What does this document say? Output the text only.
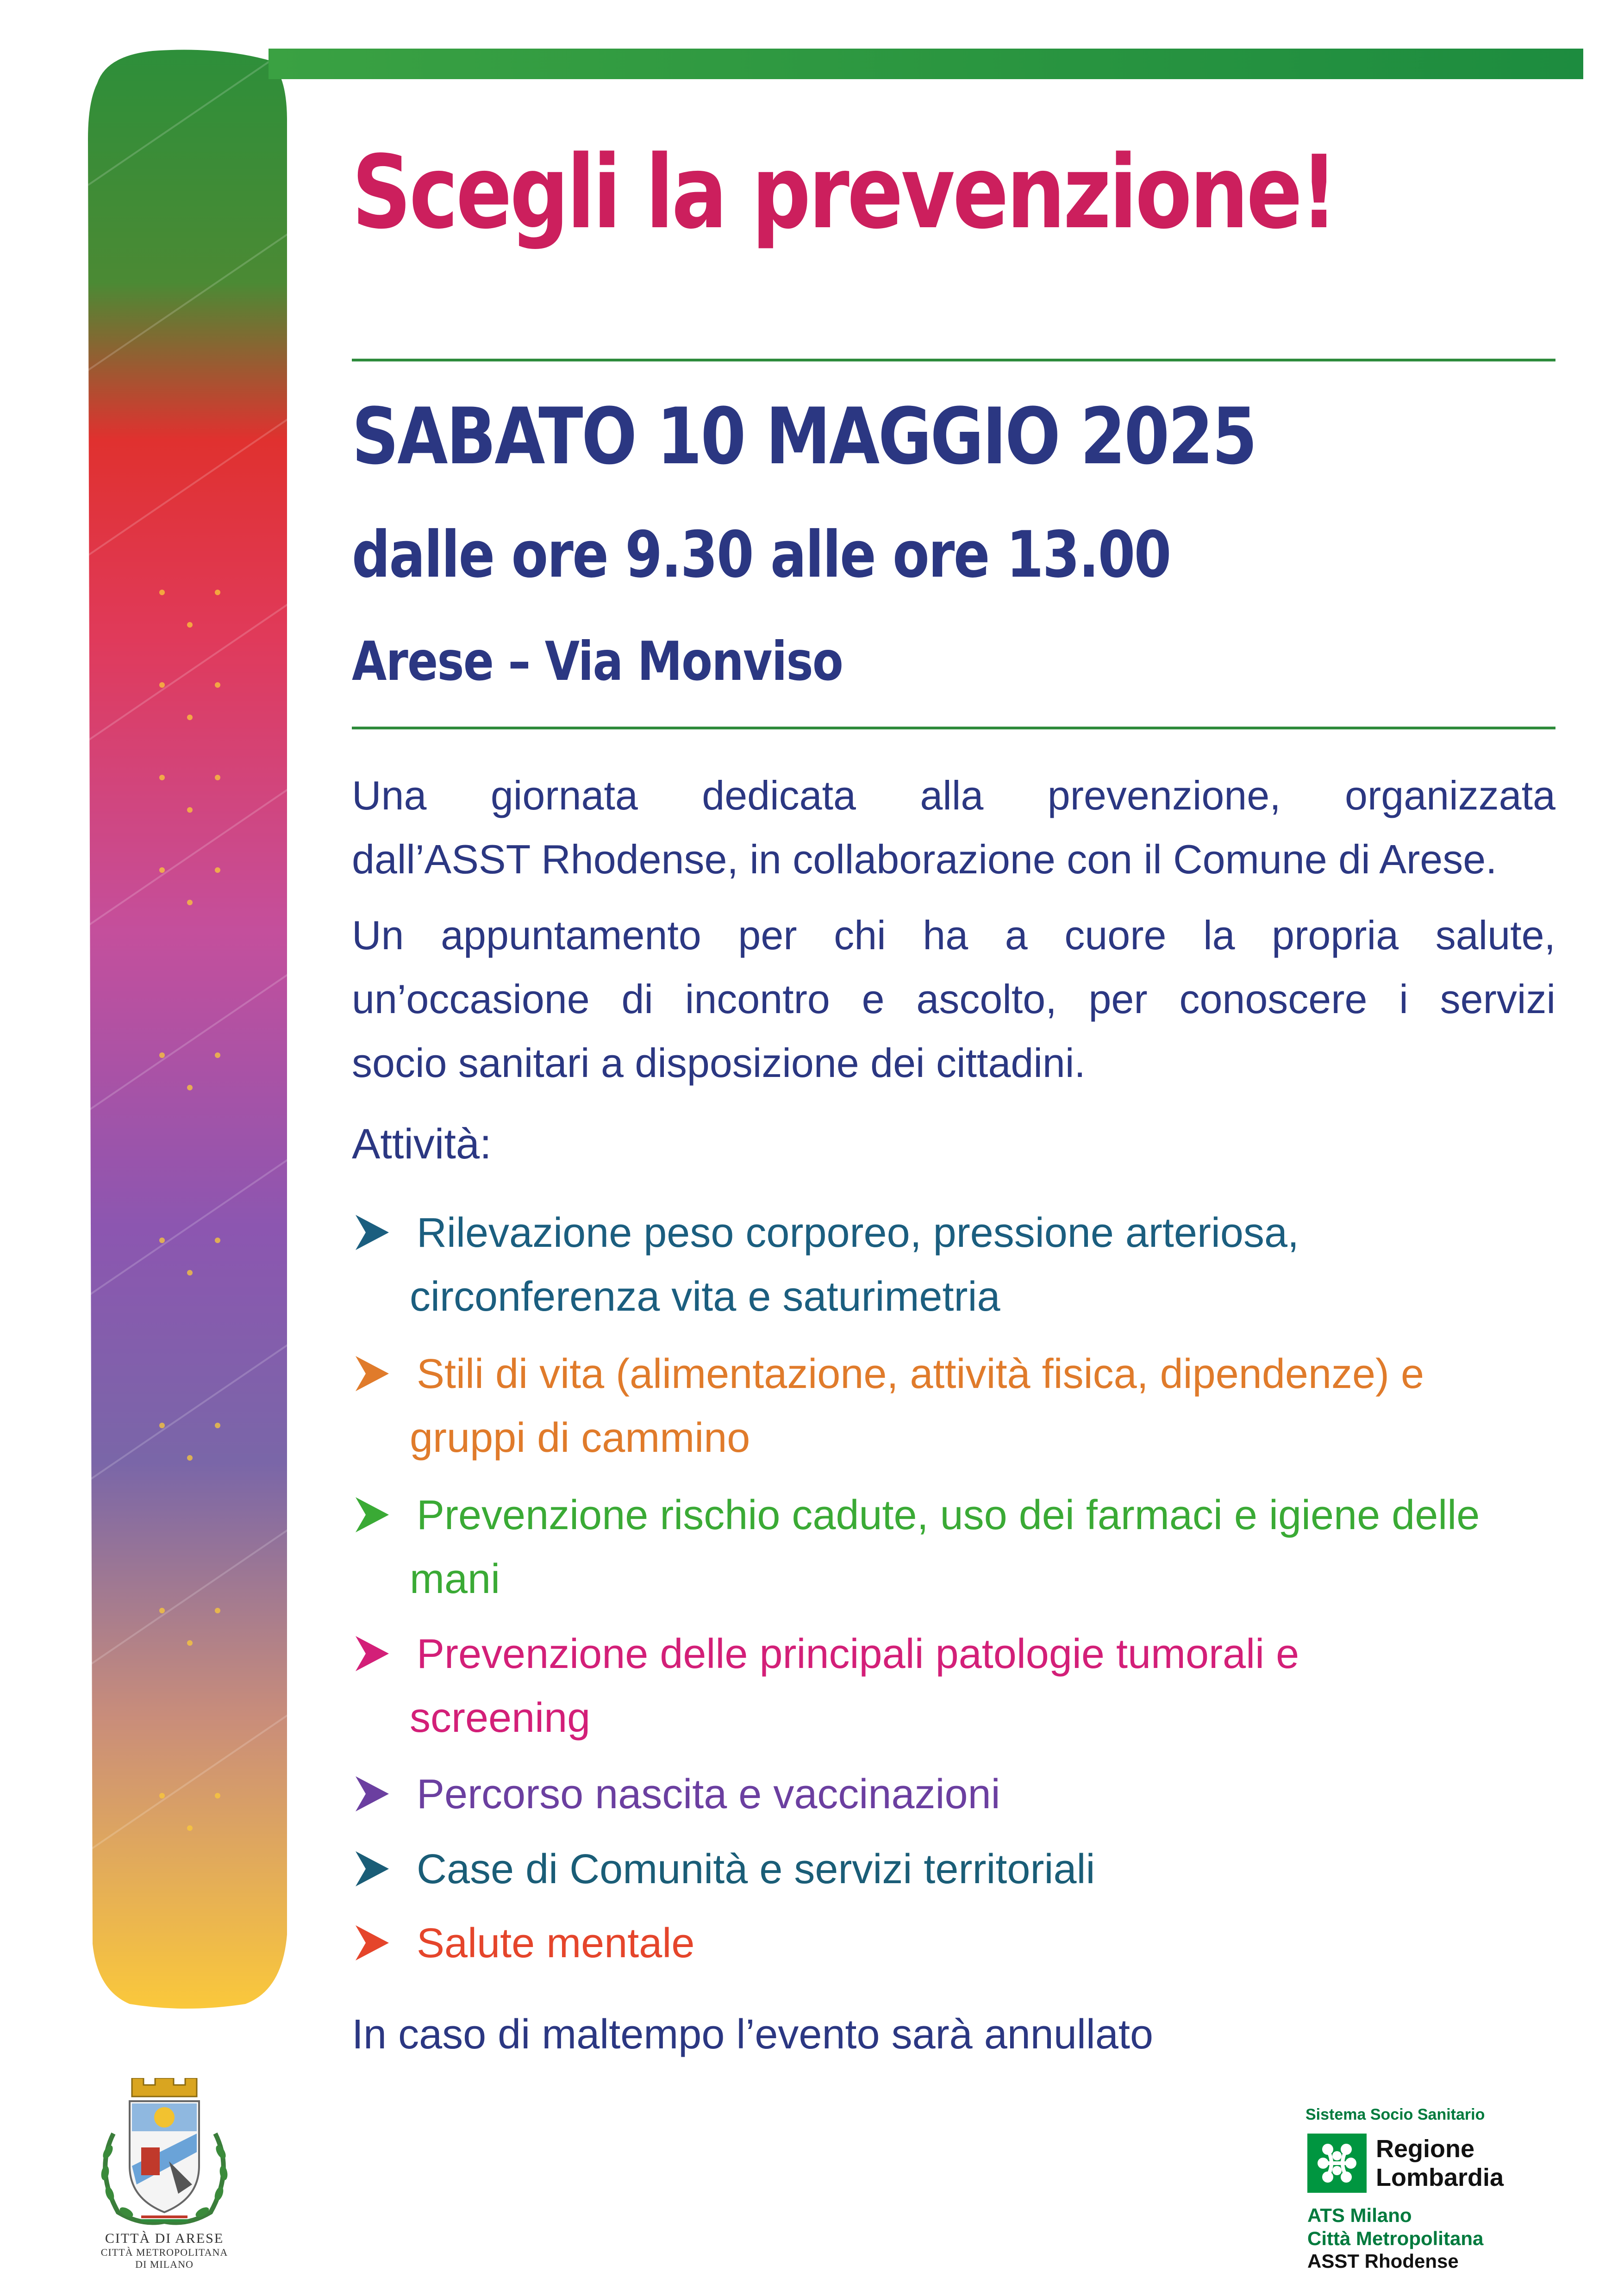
Scegli la prevenzione!
SABATO 10 MAGGIO 2025
dalle ore 9.30 alle ore 13.00
Arese – Via Monviso
Una giornata dedicata alla prevenzione, organizzata
dall’ASST Rhodense, in collaborazione con il Comune di Arese.
Un appuntamento per chi ha a cuore la propria salute,
un’occasione di incontro e ascolto, per conoscere i servizi
socio sanitari a disposizione dei cittadini.
Attività:
Rilevazione peso corporeo, pressione arteriosa,
circonferenza vita e saturimetria
Stili di vita (alimentazione, attività fisica, dipendenze) e
gruppi di cammino
Prevenzione rischio cadute, uso dei farmaci e igiene delle
mani
Prevenzione delle principali patologie tumorali e
screening
Percorso nascita e vaccinazioni
Case di Comunità e servizi territoriali
Salute mentale
In caso di maltempo l’evento sarà annullato
CITTÀ DI ARESE
CITTÀ METROPOLITANA
DI MILANO
Sistema Socio Sanitario
Regione
Lombardia
ATS Milano
Città Metropolitana
ASST Rhodense
